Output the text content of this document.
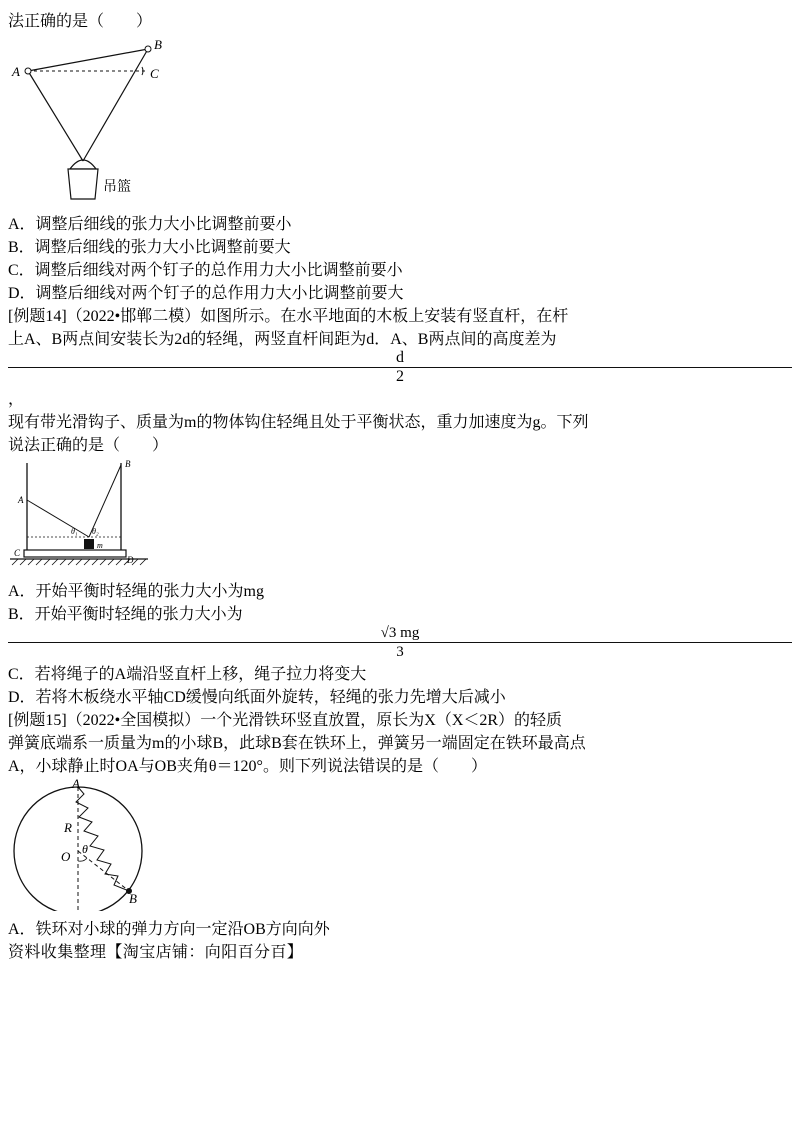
法正确的是（　　）
A
B
C
吊篮
A．调整后细线的张力大小比调整前要小
B．调整后细线的张力大小比调整前要大
C．调整后细线对两个钉子的总作用力大小比调整前要小
D．调整后细线对两个钉子的总作用力大小比调整前要大
[例题14]（2022•邯郸二模）如图所示。在水平地面的木板上安装有竖直杆，在杆
上A、B两点间安装长为2d的轻绳，两竖直杆间距为d．A、B两点间的高度差为
d
2
，
现有带光滑钩子、质量为m的物体钩住轻绳且处于平衡状态，重力加速度为g。下列
说法正确的是（　　）
A
B
C
D
θ₁ θ₂
m
A．开始平衡时轻绳的张力大小为mg
B．开始平衡时轻绳的张力大小为
√3 mg
3
C．若将绳子的A端沿竖直杆上移，绳子拉力将变大
D．若将木板绕水平轴CD缓慢向纸面外旋转，轻绳的张力先增大后减小
[例题15]（2022•全国模拟）一个光滑铁环竖直放置，原长为X（X＜2R）的轻质
弹簧底端系一质量为m的小球B，此球B套在铁环上，弹簧另一端固定在铁环最高点
A，小球静止时OA与OB夹角θ＝120°。则下列说法错误的是（　　）
A
R
O θ
B
A．铁环对小球的弹力方向一定沿OB方向向外
资料收集整理【淘宝店铺：向阳百分百】
